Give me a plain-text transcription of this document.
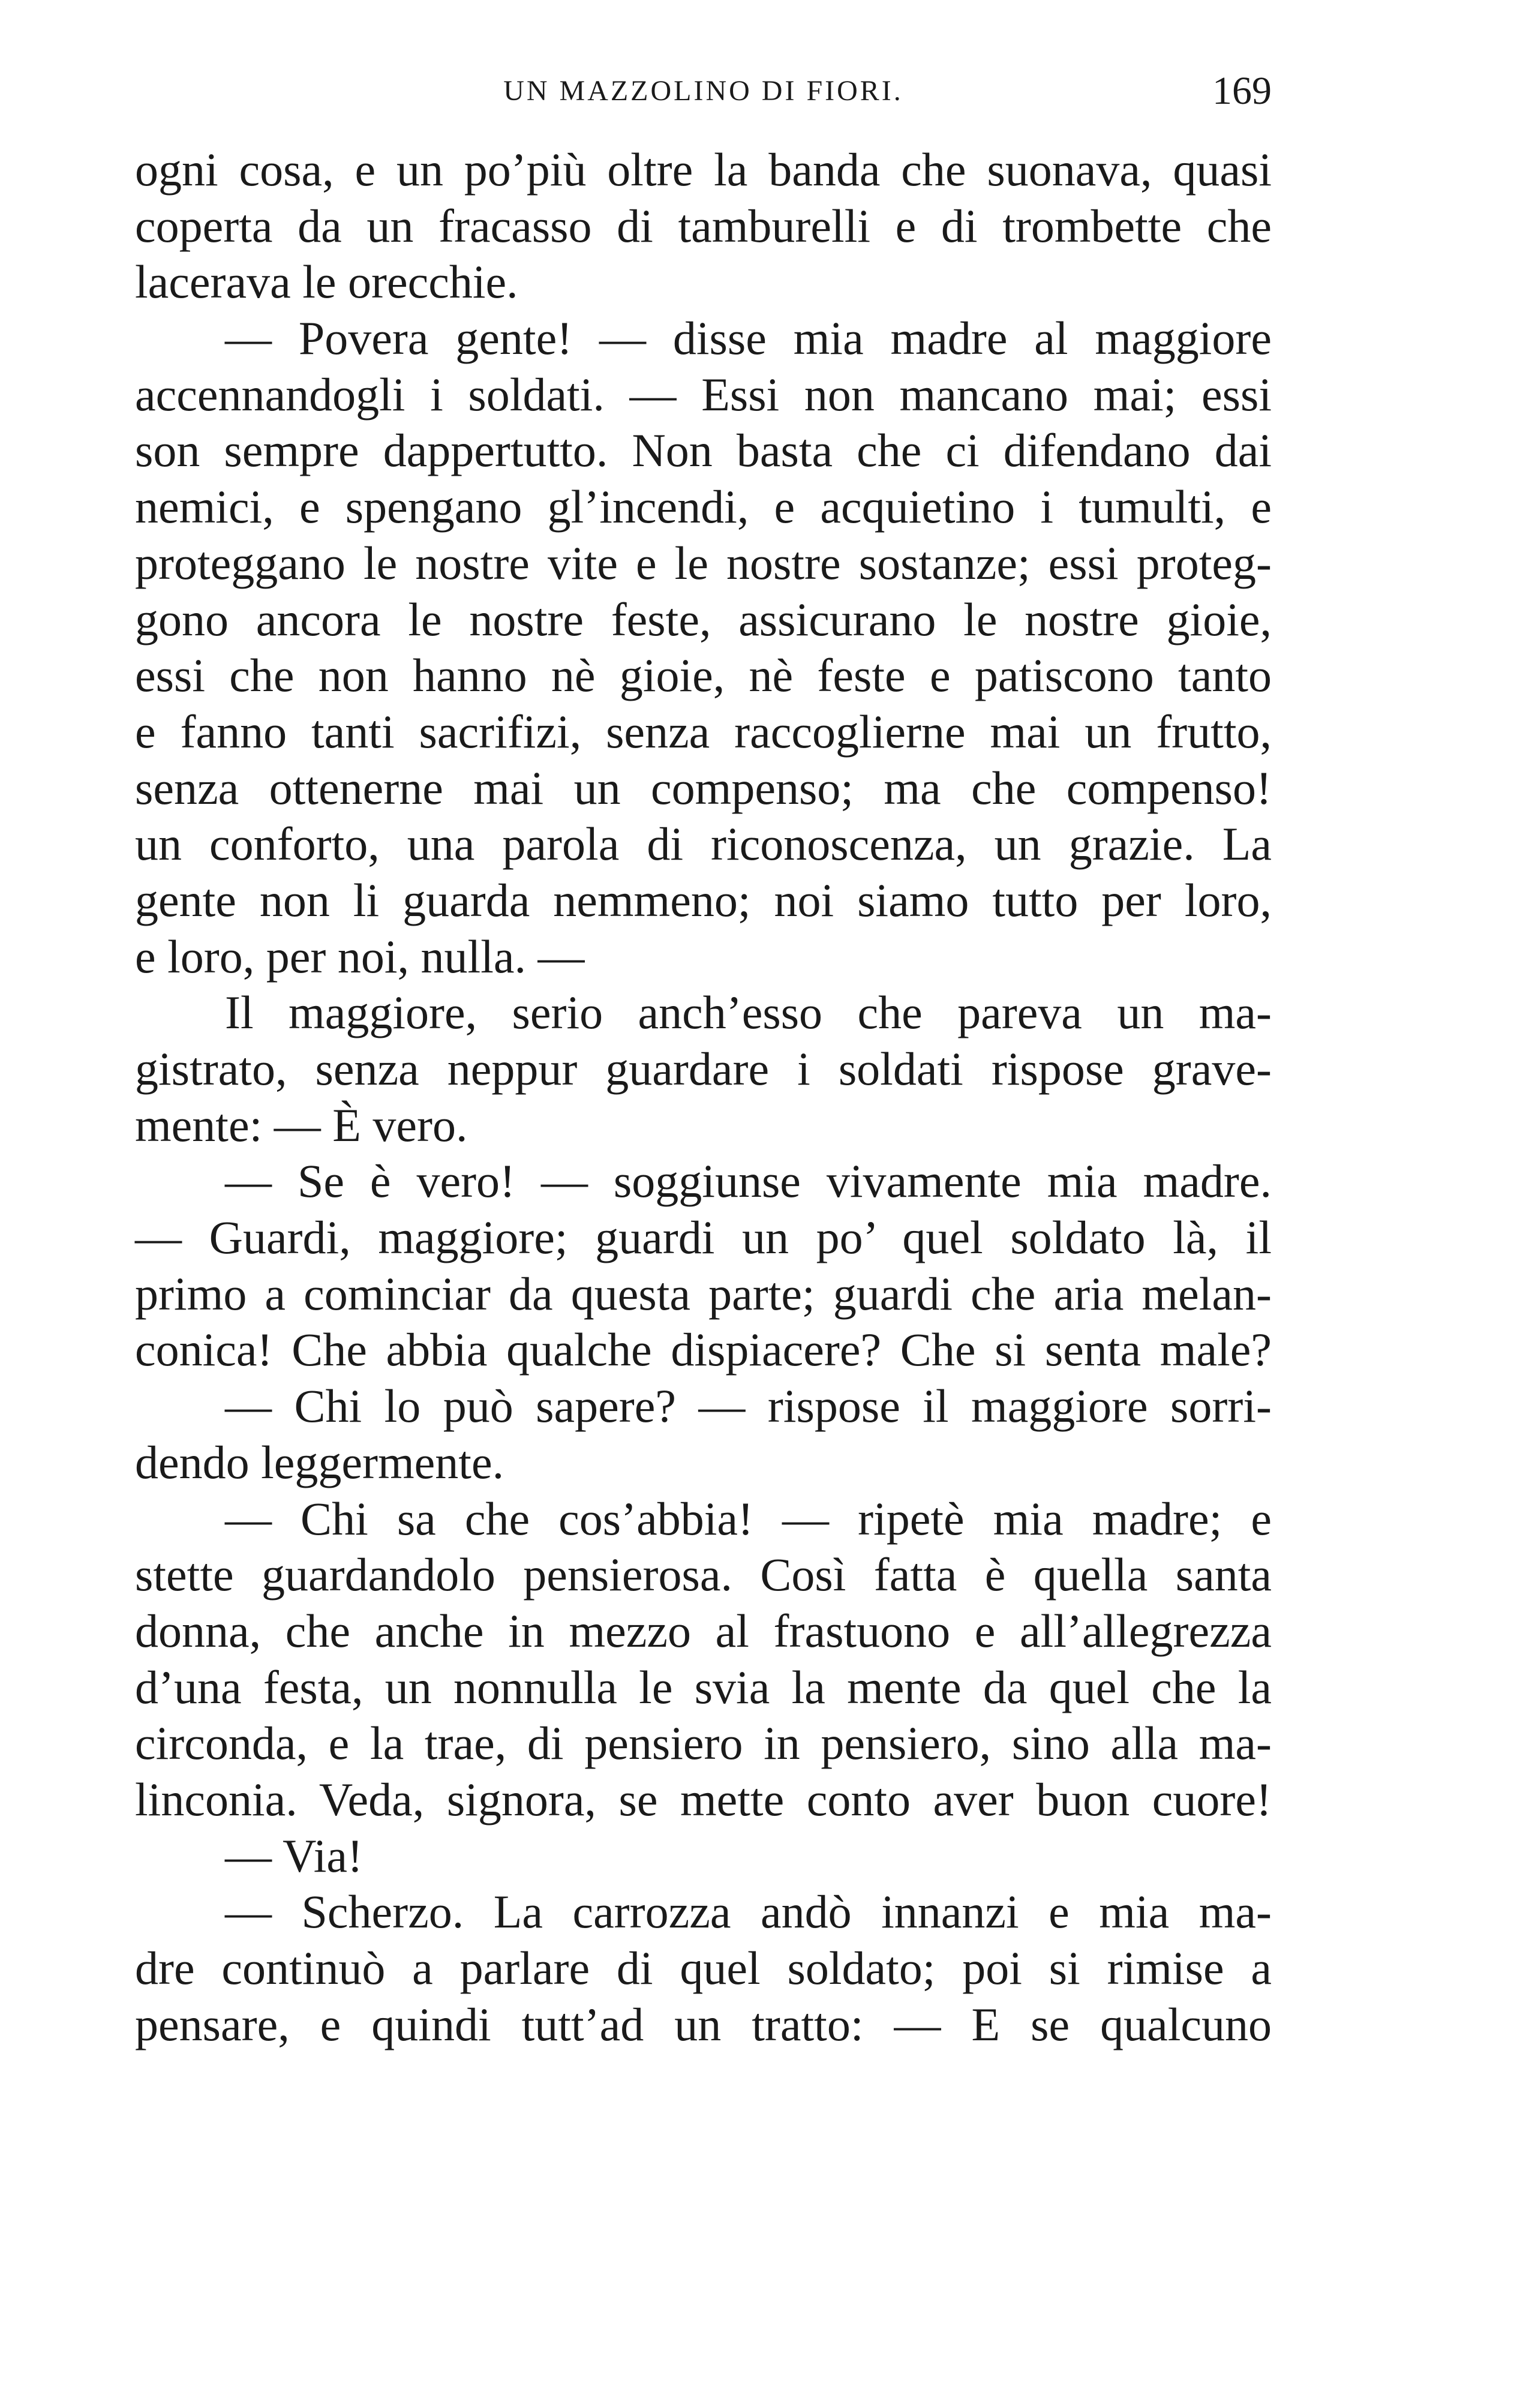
UN MAZZOLINO DI FIORI.	169
ogni cosa, e un po’più oltre la banda che suonava, quasi
coperta da un fracasso di tamburelli e di trombette che
lacerava le orecchie.
— Povera gente! — disse mia madre al maggiore
accennandogli i soldati. — Essi non mancano mai; essi
son sempre dappertutto. Non basta che ci difendano dai
nemici, e spengano gl’incendi, e acquietino i tumulti, e
proteggano le nostre vite e le nostre sostanze; essi proteg-
gono ancora le nostre feste, assicurano le nostre gioie,
essi che non hanno nè gioie, nè feste e patiscono tanto
e fanno tanti sacrifizi, senza raccoglierne mai un frutto,
senza ottenerne mai un compenso; ma che compenso!
un conforto, una parola di riconoscenza, un grazie. La
gente non li guarda nemmeno; noi siamo tutto per loro,
e loro, per noi, nulla. —
Il maggiore, serio anch’esso che pareva un ma-
gistrato, senza neppur guardare i soldati rispose grave-
mente: — È vero.
— Se è vero! — soggiunse vivamente mia madre.
— Guardi, maggiore; guardi un po’ quel soldato là, il
primo a cominciar da questa parte; guardi che aria melan-
conica! Che abbia qualche dispiacere? Che si senta male?
— Chi lo può sapere? — rispose il maggiore sorri-
dendo leggermente.
— Chi sa che cos’abbia! — ripetè mia madre; e
stette guardandolo pensierosa. Così fatta è quella santa
donna, che anche in mezzo al frastuono e all’allegrezza
d’una festa, un nonnulla le svia la mente da quel che la
circonda, e la trae, di pensiero in pensiero, sino alla ma-
linconia. Veda, signora, se mette conto aver buon cuore!
— Via!
— Scherzo. La carrozza andò innanzi e mia ma-
dre continuò a parlare di quel soldato; poi si rimise a
pensare, e quindi tutt’ad un tratto: — E se qualcuno
